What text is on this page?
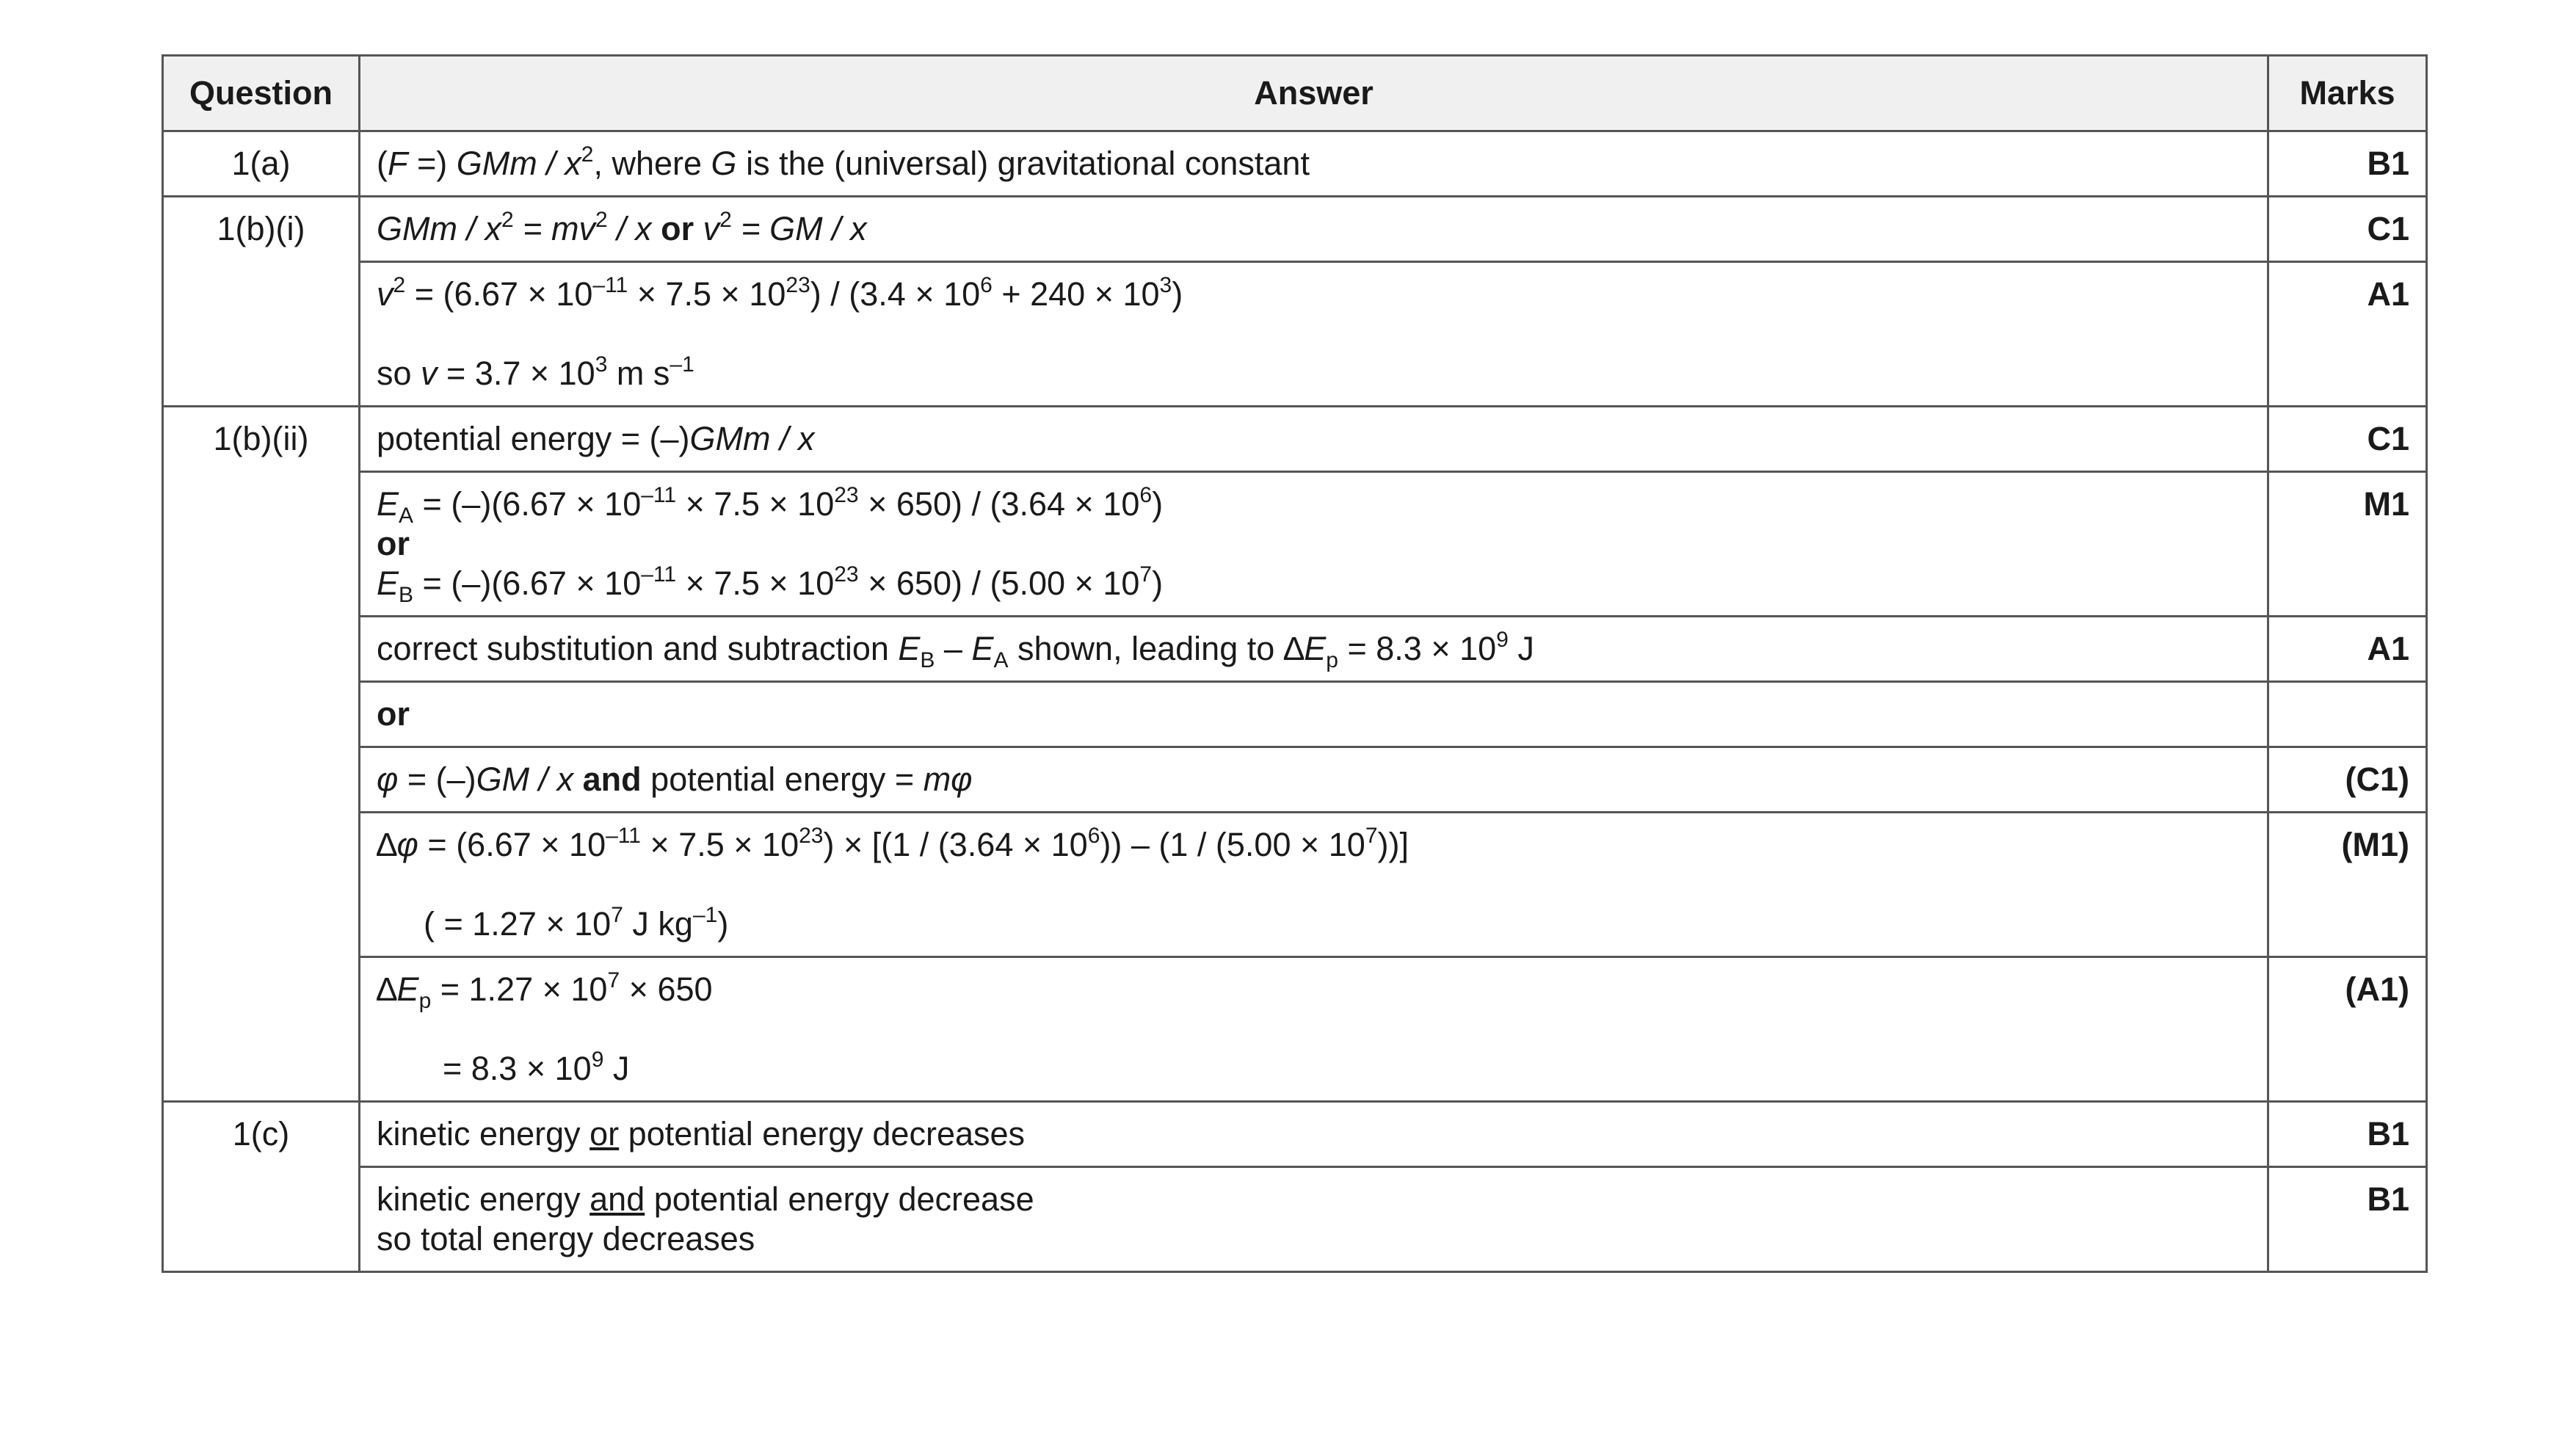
Question	Answer	Marks
1(a)	(F =) GMm / $x^2$, where G is the (universal) gravitational constant	B1
1(b)(i)	GMm / $x^2 = mv^2 / x$ or $v^2$ = GM / x	C1

	$v^2 = (6.67 \times 10^{-11} \times 7.5 \times 10^{23}) / (3.4 \times 10^6 + 240 \times 10^3)$
so $v = 3.7 \times 10^3$ m $s^{-1}$	A1
1(b)(ii)	potential energy = (–)GMm / x	C1

	$E_A = (-)(6.67 \times 10^{-11} \times 7.5 \times 10^{23} \times 650) / (3.64 \times 10^6)$
or
$E_B = (-)(6.67 \times 10^{-11} \times 7.5 \times 10^{23} \times 650) / (5.00 \times 10^7)$	M1

	correct substitution and subtraction $E_B - E_A$ shown, leading to $\Delta E_p = 8.3 \times 10^9$ J	A1
	or	

	φ = (–)GM / x and potential energy = mφ	(C1)

	$\Delta\varphi = (6.67 \times 10^{-11} \times 7.5 \times 10^{23}) \times [(1 / (3.64 \times 10^6)) - (1 / (5.00 \times 10^7))]$
( = $1.27 \times 10^7$ J $kg^{-1}$)	(M1)

	$\Delta E_p = 1.27 \times 10^7 \times 650$
= $8.3 \times 10^9$ J	(A1)
1(c)	kinetic energy or potential energy decreases	B1

	kinetic energy and potential energy decrease
so total energy decreases	B1
